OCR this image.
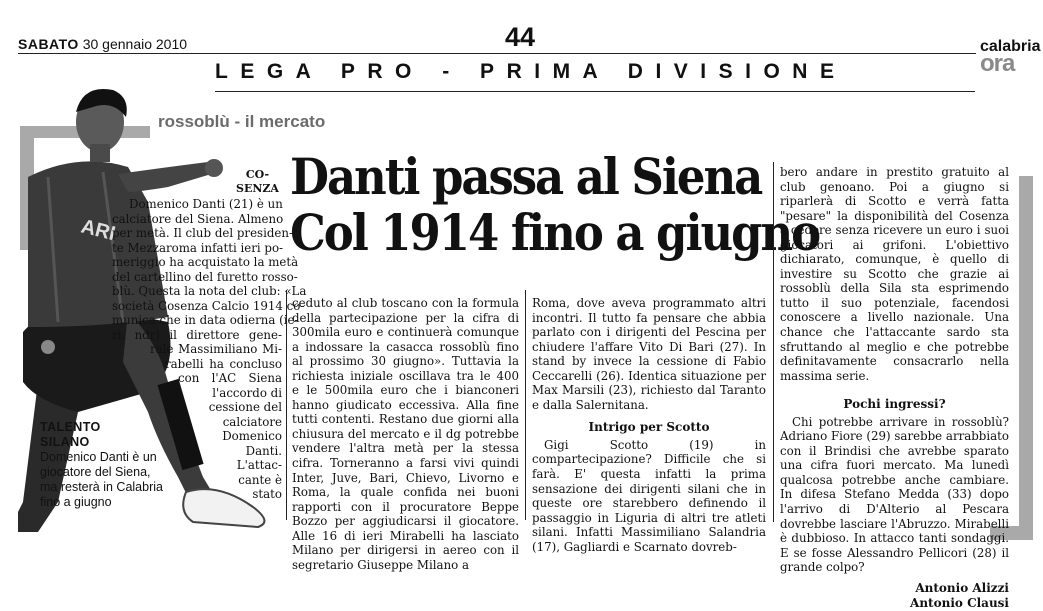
SABATO 30 gennaio 2010	44	calabria
ora
LEGA PRO - PRIMA DIVISIONE
ARI
rossoblù - il mercato
Danti passa al Siena
Col 1914 fino a giugno
TALENTO
SILANO
Domenico Danti è un giocatore del Siena, ma resterà in Calabria fino a giugno
CO-
SENZA
Domenico Danti (21) è un
calciatore del Siena. Almeno
per metà. Il club del presiden-
te Mezzaroma infatti ieri po-
meriggio ha acquistato la metà
del cartellino del furetto rosso-
blù. Questa la nota del club: «La
società Cosenza Calcio 1914 co-
munica che in data odierna (ie-
ri, ndr) il direttore gene-
rale Massimiliano Mi-
rabelli ha concluso
con l'AC Siena
l'accordo di
cessione del
calciatore
Domenico
Danti.
L'attac-
cante è
stato

ceduto al club toscano con la formula della partecipazione per la cifra di 300mila euro e continuerà comunque a indossare la casacca rossoblù fino al prossimo 30 giugno». Tuttavia la richiesta iniziale oscillava tra le 400 e le 500mila euro che i bianconeri hanno giudicato eccessiva. Alla fine tutti contenti. Restano due giorni alla chiusura del mercato e il dg potrebbe vendere l'altra metà per la stessa cifra. Torneranno a farsi vivi quindi Inter, Juve, Bari, Chievo, Livorno e Roma, la quale confida nei buoni rapporti con il procuratore Beppe Bozzo per aggiudicarsi il giocatore. Alle 16 di ieri Mirabelli ha lasciato Milano per dirigersi in aereo con il segretario Giuseppe Milano a

Roma, dove aveva programmato altri incontri. Il tutto fa pensare che abbia parlato con i dirigenti del Pescina per chiudere l'affare Vito Di Bari (27). In stand by invece la cessione di Fabio Ceccarelli (26). Identica situazione per Max Marsili (23), richiesto dal Taranto e dalla Salernitana.

Intrigo per Scotto

Gigi Scotto (19) in compartecipazione? Difficile che si farà. E' questa infatti la prima sensazione dei dirigenti silani che in queste ore starebbero definendo il passaggio in Liguria di altri tre atleti silani. Infatti Massimiliano Salandria (17), Gagliardi e Scarnato dovreb-

bero andare in prestito gratuito al club genoano. Poi a giugno si riparlerà di Scotto e verrà fatta "pesare" la disponibilità del Cosenza a cedere senza ricevere un euro i suoi giocatori ai grifoni. L'obiettivo dichiarato, comunque, è quello di investire su Scotto che grazie ai rossoblù della Sila sta esprimendo tutto il suo potenziale, facendosi conoscere a livello nazionale. Una chance che l'attaccante sardo sta sfruttando al meglio e che potrebbe definitavamente consacrarlo nella massima serie.

Pochi ingressi?

Chi potrebbe arrivare in rossoblù? Adriano Fiore (29) sarebbe arrabbiato con il Brindisi che avrebbe sparato una cifra fuori mercato. Ma lunedì qualcosa potrebbe anche cambiare. In difesa Stefano Medda (33) dopo l'arrivo di D'Alterio al Pescara dovrebbe lasciare l'Abruzzo. Mirabelli è dubbioso. In attacco tanti sondaggi. E se fosse Alessandro Pellicori (28) il grande colpo?

Antonio Alizzi
Antonio Clausi
